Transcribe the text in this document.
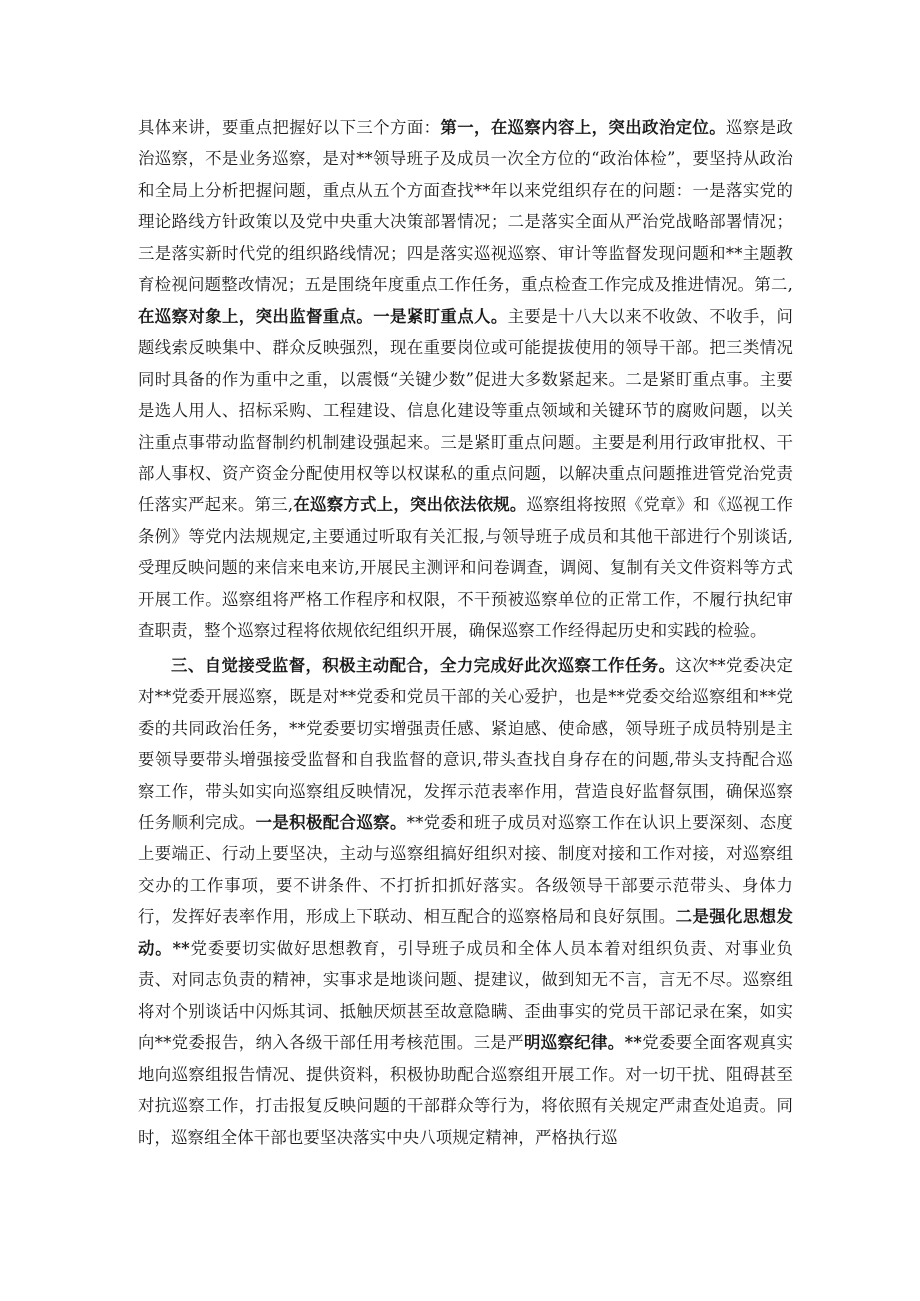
具体来讲，要重点把握好以下三个方面：第一，在巡察内容上，突出政治定位。巡察是政治巡察，不是业务巡察，是对**领导班子及成员一次全方位的“政治体检”，要坚持从政治和全局上分析把握问题，重点从五个方面查找**年以来党组织存在的问题：一是落实党的理论路线方针政策以及党中央重大决策部署情况；二是落实全面从严治党战略部署情况；三是落实新时代党的组织路线情况；四是落实巡视巡察、审计等监督发现问题和**主题教育检视问题整改情况；五是围绕年度重点工作任务，重点检查工作完成及推进情况。第二,在巡察对象上，突出监督重点。一是紧盯重点人。主要是十八大以来不收敛、不收手，问题线索反映集中、群众反映强烈，现在重要岗位或可能提拔使用的领导干部。把三类情况同时具备的作为重中之重，以震慑“关键少数”促进大多数紧起来。二是紧盯重点事。主要是选人用人、招标采购、工程建设、信息化建设等重点领域和关键环节的腐败问题，以关注重点事带动监督制约机制建设强起来。三是紧盯重点问题。主要是利用行政审批权、干部人事权、资产资金分配使用权等以权谋私的重点问题，以解决重点问题推进管党治党责任落实严起来。第三,在巡察方式上，突出依法依规。巡察组将按照《党章》和《巡视工作条例》等党内法规规定,主要通过听取有关汇报,与领导班子成员和其他干部进行个别谈话,受理反映问题的来信来电来访,开展民主测评和问卷调查，调阅、复制有关文件资料等方式开展工作。巡察组将严格工作程序和权限，不干预被巡察单位的正常工作，不履行执纪审查职责，整个巡察过程将依规依纪组织开展，确保巡察工作经得起历史和实践的检验。

三、自觉接受监督，积极主动配合，全力完成好此次巡察工作任务。这次**党委决定对**党委开展巡察，既是对**党委和党员干部的关心爱护，也是**党委交给巡察组和**党委的共同政治任务，**党委要切实增强责任感、紧迫感、使命感，领导班子成员特别是主要领导要带头增强接受监督和自我监督的意识,带头查找自身存在的问题,带头支持配合巡察工作，带头如实向巡察组反映情况，发挥示范表率作用，营造良好监督氛围，确保巡察任务顺利完成。一是积极配合巡察。**党委和班子成员对巡察工作在认识上要深刻、态度上要端正、行动上要坚决，主动与巡察组搞好组织对接、制度对接和工作对接，对巡察组交办的工作事项，要不讲条件、不打折扣抓好落实。各级领导干部要示范带头、身体力行，发挥好表率作用，形成上下联动、相互配合的巡察格局和良好氛围。二是强化思想发动。**党委要切实做好思想教育，引导班子成员和全体人员本着对组织负责、对事业负责、对同志负责的精神，实事求是地谈问题、提建议，做到知无不言，言无不尽。巡察组将对个别谈话中闪烁其词、抵触厌烦甚至故意隐瞒、歪曲事实的党员干部记录在案，如实向**党委报告，纳入各级干部任用考核范围。三是严明巡察纪律。**党委要全面客观真实地向巡察组报告情况、提供资料，积极协助配合巡察组开展工作。对一切干扰、阻碍甚至对抗巡察工作，打击报复反映问题的干部群众等行为，将依照有关规定严肃查处追责。同时，巡察组全体干部也要坚决落实中央八项规定精神，严格执行巡
